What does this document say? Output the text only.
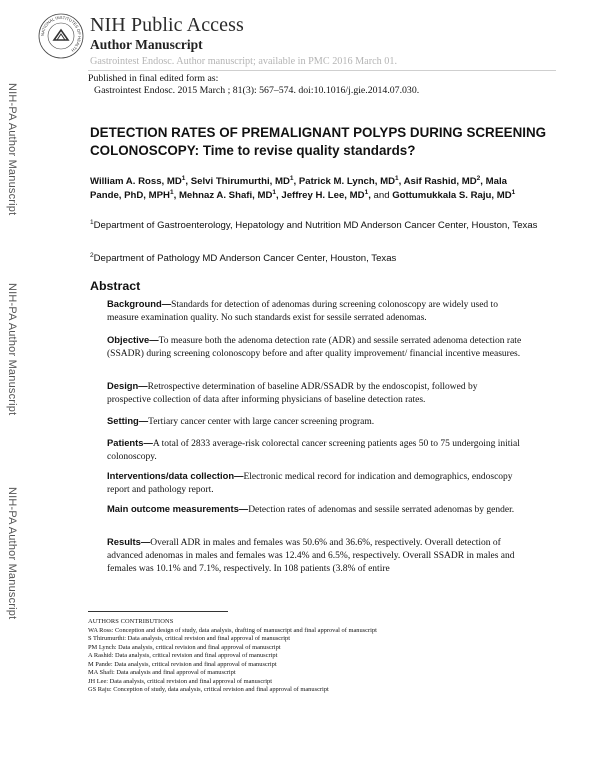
NATIONAL INSTITUTES OF HEALTH
NIH Public Access
Author Manuscript
Gastrointest Endosc. Author manuscript; available in PMC 2016 March 01.
Published in final edited form as:
Gastrointest Endosc. 2015 March ; 81(3): 567–574. doi:10.1016/j.gie.2014.07.030.
NIH-PA Author Manuscript
NIH-PA Author Manuscript
NIH-PA Author Manuscript
DETECTION RATES OF PREMALIGNANT POLYPS DURING SCREENING COLONOSCOPY: Time to revise quality standards?
William A. Ross, $MD^1$, Selvi Thirumurthi, $MD^1$, Patrick M. Lynch, $MD^1$, Asif Rashid, $MD^2$, Mala Pande, PhD, MPH$^1$, Mehnaz A. Shafi, $MD^1$, Jeffrey H. Lee, $MD^1$, and Gottumukkala S. Raju, $MD^1$
$^1$Department of Gastroenterology, Hepatology and Nutrition MD Anderson Cancer Center, Houston, Texas
$^2$Department of Pathology MD Anderson Cancer Center, Houston, Texas
Abstract
Background—Standards for detection of adenomas during screening colonoscopy are widely used to measure examination quality. No such standards exist for sessile serrated adenomas.
Objective—To measure both the adenoma detection rate (ADR) and sessile serrated adenoma detection rate (SSADR) during screening colonoscopy before and after quality improvement/ financial incentive measures.
Design—Retrospective determination of baseline ADR/SSADR by the endoscopist, followed by prospective collection of data after informing physicians of baseline detection rates.
Setting—Tertiary cancer center with large cancer screening program.
Patients—A total of 2833 average-risk colorectal cancer screening patients ages 50 to 75 undergoing initial colonoscopy.
Interventions/data collection—Electronic medical record for indication and demographics, endoscopy report and pathology report.
Main outcome measurements—Detection rates of adenomas and sessile serrated adenomas by gender.
Results—Overall ADR in males and females was 50.6% and 36.6%, respectively. Overall detection of advanced adenomas in males and females was 12.4% and 6.5%, respectively. Overall SSADR in males and females was 10.1% and 7.1%, respectively. In 108 patients (3.8% of entire
AUTHORS CONTRIBUTIONS
WA Ross: Conception and design of study, data analysis, drafting of manuscript and final approval of manuscript
S Thirumurthi: Data analysis, critical revision and final approval of manuscript
PM Lynch: Data analysis, critical revision and final approval of manuscript
A Rashid: Data analysis, critical revision and final approval of manuscript
M Pande: Data analysis, critical revision and final approval of manuscript
MA Shafi: Data analysis and final approval of manuscript
JH Lee: Data analysis, critical revision and final approval of manuscript
GS Raju: Conception of study, data analysis, critical revision and final approval of manuscript
